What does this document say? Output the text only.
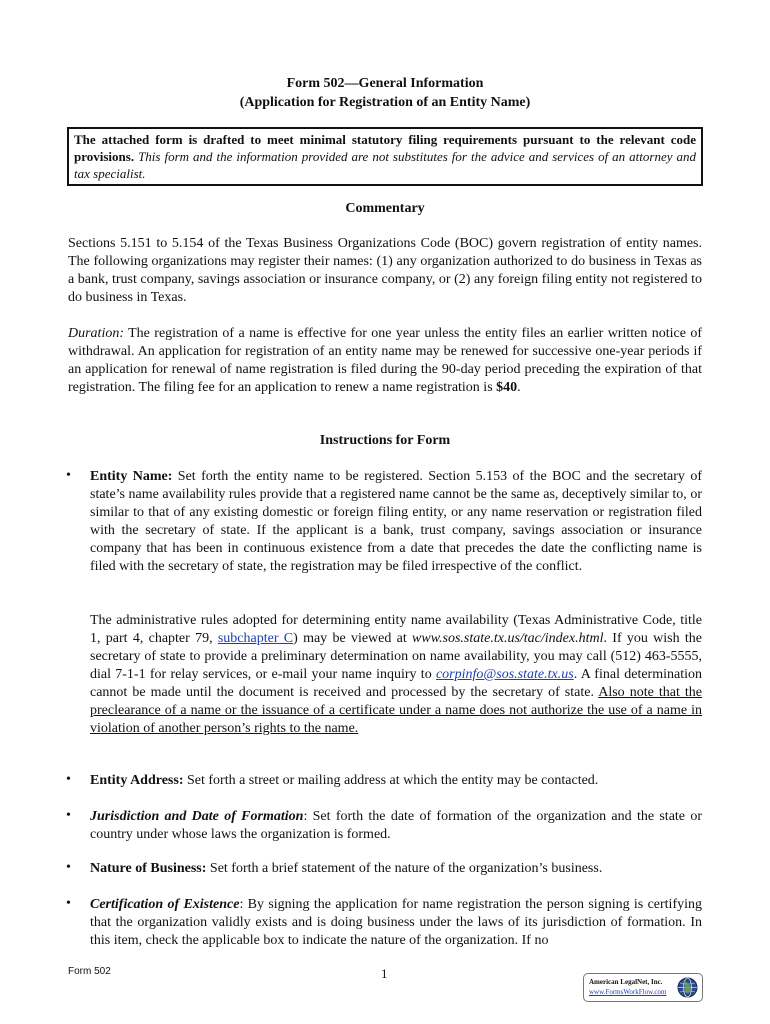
Form 502—General Information
(Application for Registration of an Entity Name)
The attached form is drafted to meet minimal statutory filing requirements pursuant to the relevant code provisions. This form and the information provided are not substitutes for the advice and services of an attorney and tax specialist.
Commentary
Sections 5.151 to 5.154 of the Texas Business Organizations Code (BOC) govern registration of entity names. The following organizations may register their names: (1) any organization authorized to do business in Texas as a bank, trust company, savings association or insurance company, or (2) any foreign filing entity not registered to do business in Texas.
Duration: The registration of a name is effective for one year unless the entity files an earlier written notice of withdrawal. An application for registration of an entity name may be renewed for successive one-year periods if an application for renewal of name registration is filed during the 90-day period preceding the expiration of that registration. The filing fee for an application to renew a name registration is $40.
Instructions for Form
• Entity Name: Set forth the entity name to be registered. Section 5.153 of the BOC and the secretary of state’s name availability rules provide that a registered name cannot be the same as, deceptively similar to, or similar to that of any existing domestic or foreign filing entity, or any name reservation or registration filed with the secretary of state. If the applicant is a bank, trust company, savings association or insurance company that has been in continuous existence from a date that precedes the date the conflicting name is filed with the secretary of state, the registration may be filed irrespective of the conflict.
The administrative rules adopted for determining entity name availability (Texas Administrative Code, title 1, part 4, chapter 79, subchapter C) may be viewed at www.sos.state.tx.us/tac/index.html. If you wish the secretary of state to provide a preliminary determination on name availability, you may call (512) 463-5555, dial 7-1-1 for relay services, or e-mail your name inquiry to corpinfo@sos.state.tx.us. A final determination cannot be made until the document is received and processed by the secretary of state. Also note that the preclearance of a name or the issuance of a certificate under a name does not authorize the use of a name in violation of another person’s rights to the name.
• Entity Address: Set forth a street or mailing address at which the entity may be contacted.
• Jurisdiction and Date of Formation: Set forth the date of formation of the organization and the state or country under whose laws the organization is formed.
• Nature of Business: Set forth a brief statement of the nature of the organization’s business.
• Certification of Existence: By signing the application for name registration the person signing is certifying that the organization validly exists and is doing business under the laws of its jurisdiction of formation. In this item, check the applicable box to indicate the nature of the organization. If no
Form 502	1
American LegalNet, Inc.
www.FormsWorkFlow.com
